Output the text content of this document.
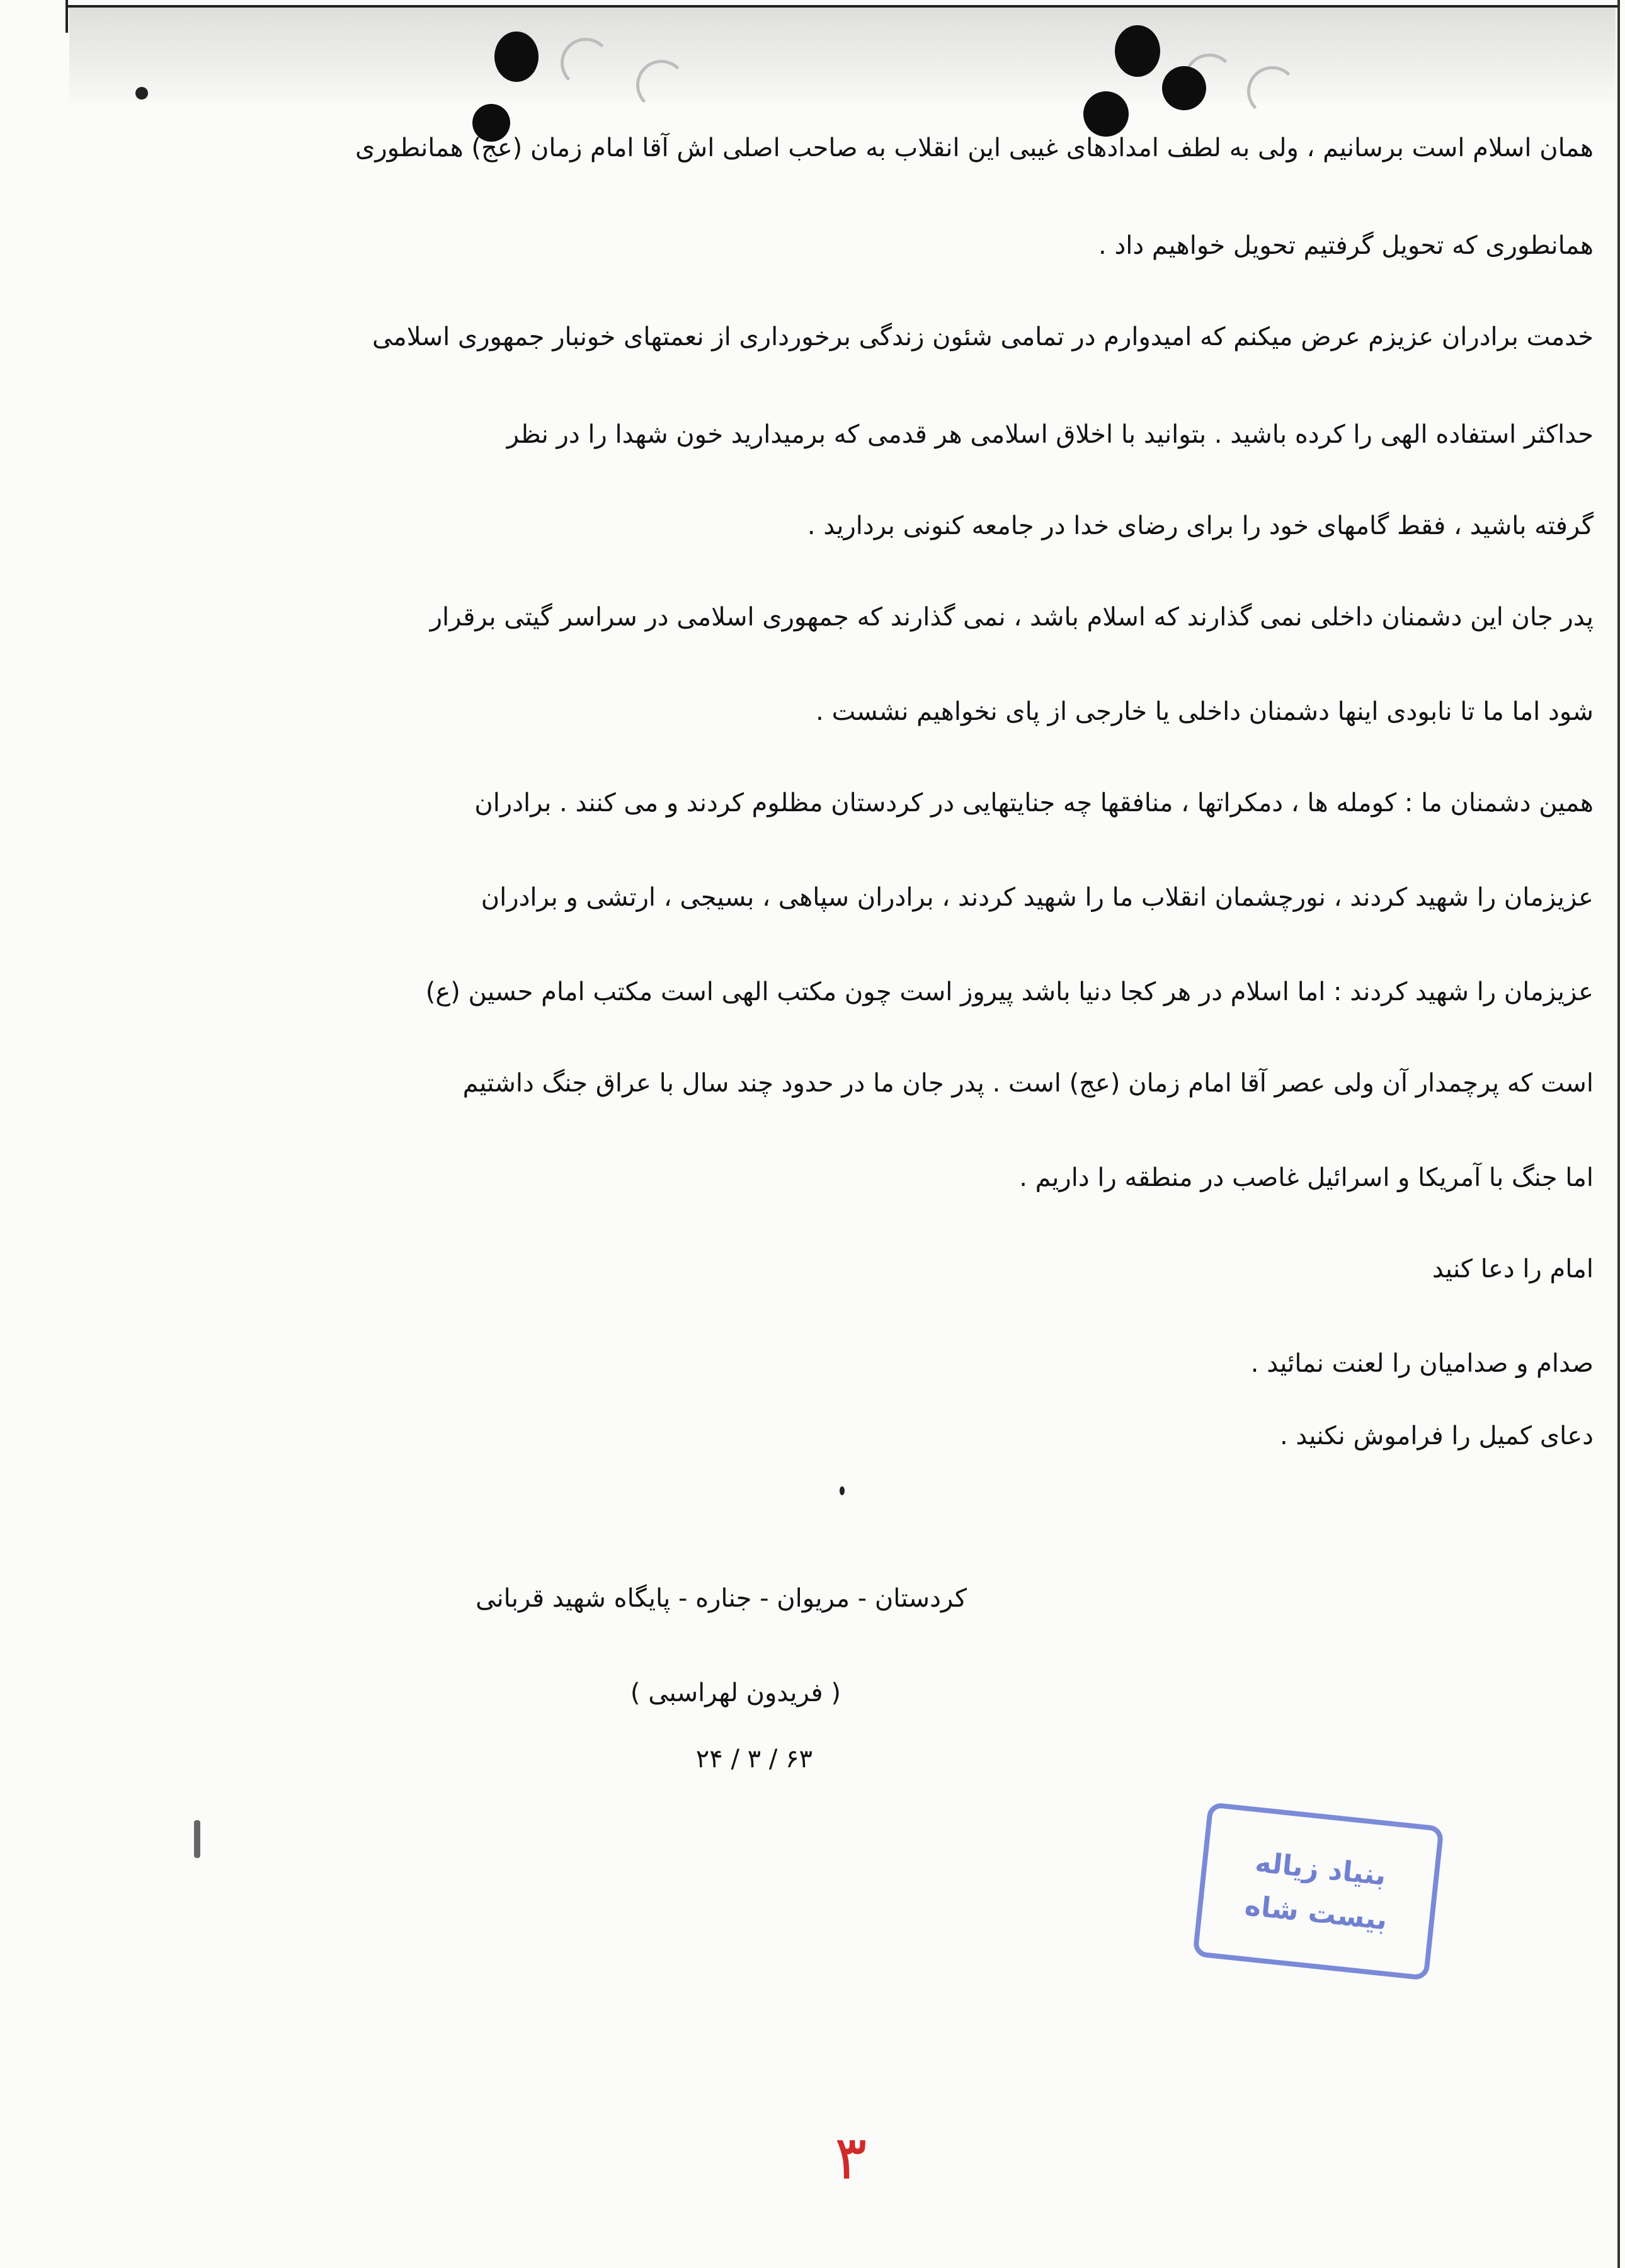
همان اسلام است برسانیم ، ولی به لطف امدادهای غیبی این انقلاب به صاحب اصلی اش آقا امام زمان (عج) همانطوری
همانطوری که تحویل گرفتیم تحویل خواهیم داد .
خدمت برادران عزیزم عرض میکنم که امیدوارم در تمامی شئون زندگی برخورداری از نعمتهای خونبار جمهوری اسلامی
حداکثر استفاده الهی را کرده باشید . بتوانید با اخلاق اسلامی هر قدمی که برمیدارید خون شهدا را در نظر
گرفته باشید ، فقط گامهای خود را برای رضای خدا در جامعه کنونی بردارید .
پدر جان این دشمنان داخلی نمی گذارند که اسلام باشد ، نمی گذارند که جمهوری اسلامی در سراسر گیتی برقرار
شود اما ما تا نابودی اینها دشمنان داخلی یا خارجی از پای نخواهیم نشست .
همین دشمنان ما : کومله ها ، دمکراتها ، منافقها چه جنایتهایی در کردستان مظلوم کردند و می کنند . برادران
عزیزمان را شهید کردند ، نورچشمان انقلاب ما را شهید کردند ، برادران سپاهی ، بسیجی ، ارتشی و برادران
عزیزمان را شهید کردند : اما اسلام در هر کجا دنیا باشد پیروز است چون مکتب الهی است مکتب امام حسین (ع)
است که پرچمدار آن ولی عصر آقا امام زمان (عج) است . پدر جان ما در حدود چند سال با عراق جنگ داشتیم
اما جنگ با آمریکا و اسرائیل غاصب در منطقه را داریم .
امام را دعا کنید
صدام و صدامیان را لعنت نمائید .
دعای کمیل را فراموش نکنید .
کردستان - مریوان - جناره - پایگاه شهید قربانی
( فریدون لهراسبی )
۶۳ / ۳ / ۲۴
بنیاد زیاله
بیست شاه
۳
